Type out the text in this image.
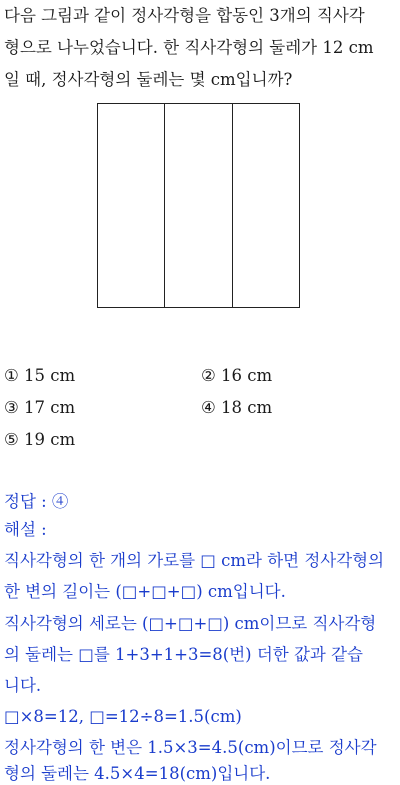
다음 그림과 같이 정사각형을 합동인 3개의 직사각
형으로 나누었습니다. 한 직사각형의 둘레가 12 cm
일 때, 정사각형의 둘레는 몇 cm입니까?
① 15 cm	② 16 cm
③ 17 cm	④ 18 cm
⑤ 19 cm
정답 : ④
해설 :
직사각형의 한 개의 가로를 □ cm라 하면 정사각형의
한 변의 길이는 (□+□+□) cm입니다.
직사각형의 세로는 (□+□+□) cm이므로 직사각형
의 둘레는 □를 1+3+1+3=8(번) 더한 값과 같습
니다.
□×8=12, □=12÷8=1.5(cm)
정사각형의 한 변은 1.5×3=4.5(cm)이므로 정사각
형의 둘레는 4.5×4=18(cm)입니다.
